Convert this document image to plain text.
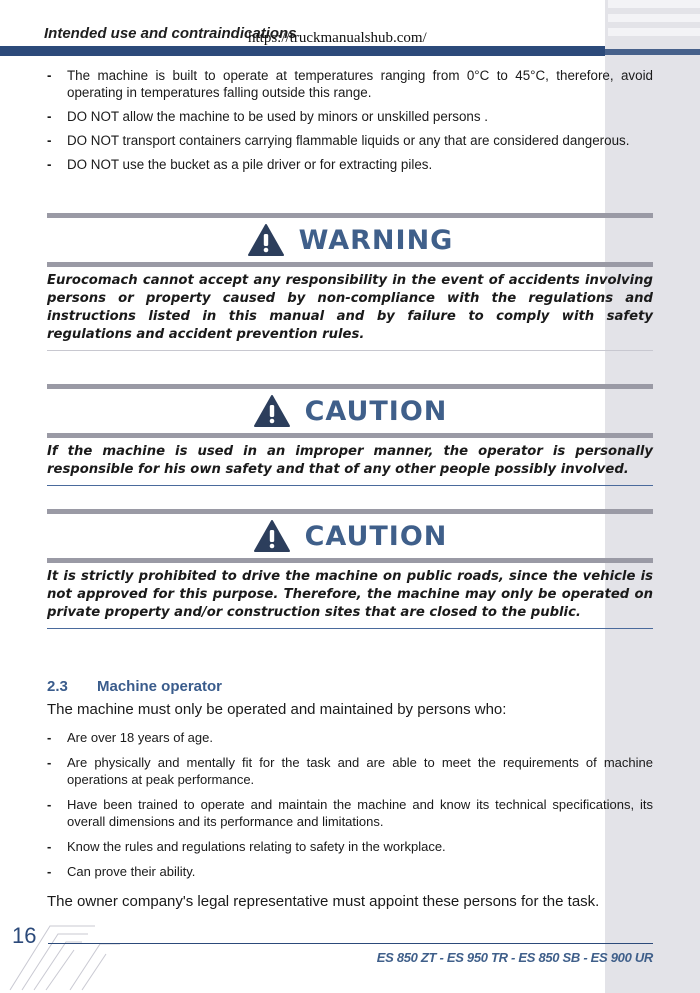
Intended use and contraindications
https://truckmanualshub.com/
- The machine is built to operate at temperatures ranging from 0°C to 45°C, therefore, avoid operating in temperatures falling outside this range.
- DO NOT allow the machine to be used by minors or unskilled persons .
- DO NOT transport containers carrying flammable liquids or any that are considered dangerous.
- DO NOT use the bucket as a pile driver or for extracting piles.
WARNING
Eurocomach cannot accept any responsibility in the event of accidents involving persons or property caused by non-compliance with the regulations and instructions listed in this manual and by failure to comply with safety regulations and accident prevention rules.
CAUTION
If the machine is used in an improper manner, the operator is personally responsible for his own safety and that of any other people possibly involved.
CAUTION
It is strictly prohibited to drive the machine on public roads, since the vehicle is not approved for this purpose. Therefore, the machine may only be operated on private property and/or construction sites that are closed to the public.
2.3 Machine operator
The machine must only be operated and maintained by persons who:
- Are over 18 years of age.
- Are physically and mentally fit for the task and are able to meet the requirements of machine operations at peak performance.
- Have been trained to operate and maintain the machine and know its technical specifications, its overall dimensions and its performance and limitations.
- Know the rules and regulations relating to safety in the workplace.
- Can prove their ability.
The owner company's legal representative must appoint these persons for the task.
16
ES 850 ZT - ES 950 TR - ES 850 SB - ES 900 UR
